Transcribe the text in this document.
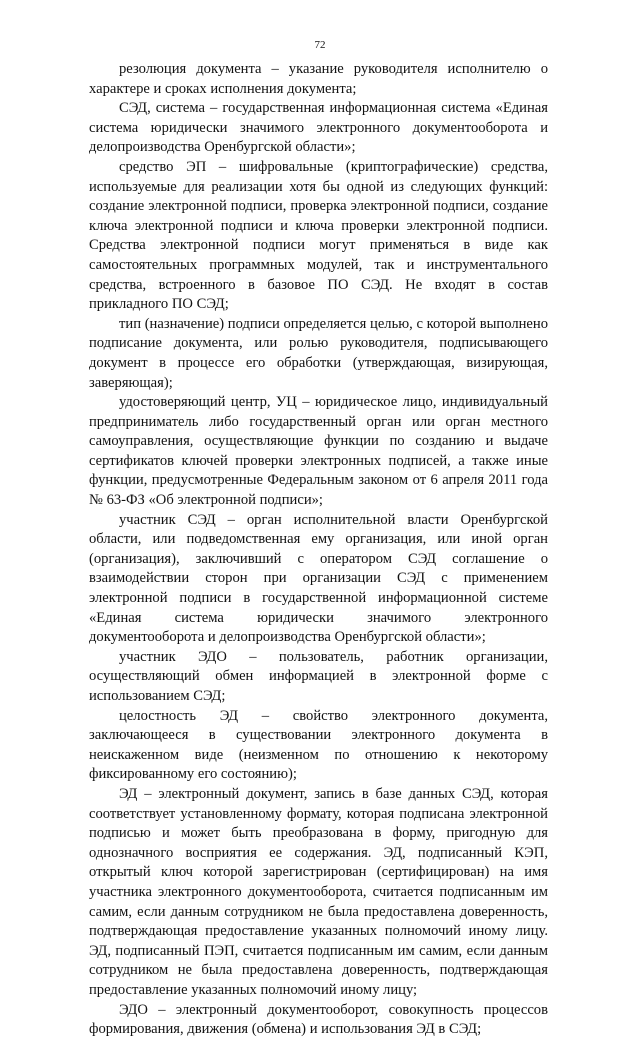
72

резолюция документа – указание руководителя исполнителю о характере и сроках исполнения документа;

СЭД, система – государственная информационная система «Единая система юридически значимого электронного документооборота и делопроизводства Оренбургской области»;

средство ЭП – шифровальные (криптографические) средства, используемые для реализации хотя бы одной из следующих функций: создание электронной подписи, проверка электронной подписи, создание ключа электронной подписи и ключа проверки электронной подписи. Средства электронной подписи могут применяться в виде как самостоятельных программных модулей, так и инструментального средства, встроенного в базовое ПО СЭД. Не входят в состав прикладного ПО СЭД;

тип (назначение) подписи определяется целью, с которой выполнено подписание документа, или ролью руководителя, подписывающего документ в процессе его обработки (утверждающая, визирующая, заверяющая);

удостоверяющий центр, УЦ – юридическое лицо, индивидуальный предприниматель либо государственный орган или орган местного самоуправления, осуществляющие функции по созданию и выдаче сертификатов ключей проверки электронных подписей, а также иные функции, предусмотренные Федеральным законом от 6 апреля 2011 года № 63-ФЗ «Об электронной подписи»;

участник СЭД – орган исполнительной власти Оренбургской области, или подведомственная ему организация, или иной орган (организация), заключивший с оператором СЭД соглашение о взаимодействии сторон при организации СЭД с применением электронной подписи в государственной информационной системе «Единая система юридически значимого электронного документооборота и делопроизводства Оренбургской области»;

участник ЭДО – пользователь, работник организации, осуществляющий обмен информацией в электронной форме с использованием СЭД;

целостность ЭД – свойство электронного документа, заключающееся в существовании электронного документа в неискаженном виде (неизменном по отношению к некоторому фиксированному его состоянию);

ЭД – электронный документ, запись в базе данных СЭД, которая соответствует установленному формату, которая подписана электронной подписью и может быть преобразована в форму, пригодную для однозначного восприятия ее содержания. ЭД, подписанный КЭП, открытый ключ которой зарегистрирован (сертифицирован) на имя участника электронного документооборота, считается подписанным им самим, если данным сотрудником не была предоставлена доверенность, подтверждающая предоставление указанных полномочий иному лицу. ЭД, подписанный ПЭП, считается подписанным им самим, если данным сотрудником не была предоставлена доверенность, подтверждающая предоставление указанных полномочий иному лицу;

ЭДО – электронный документооборот, совокупность процессов формирования, движения (обмена) и использования ЭД в СЭД;
